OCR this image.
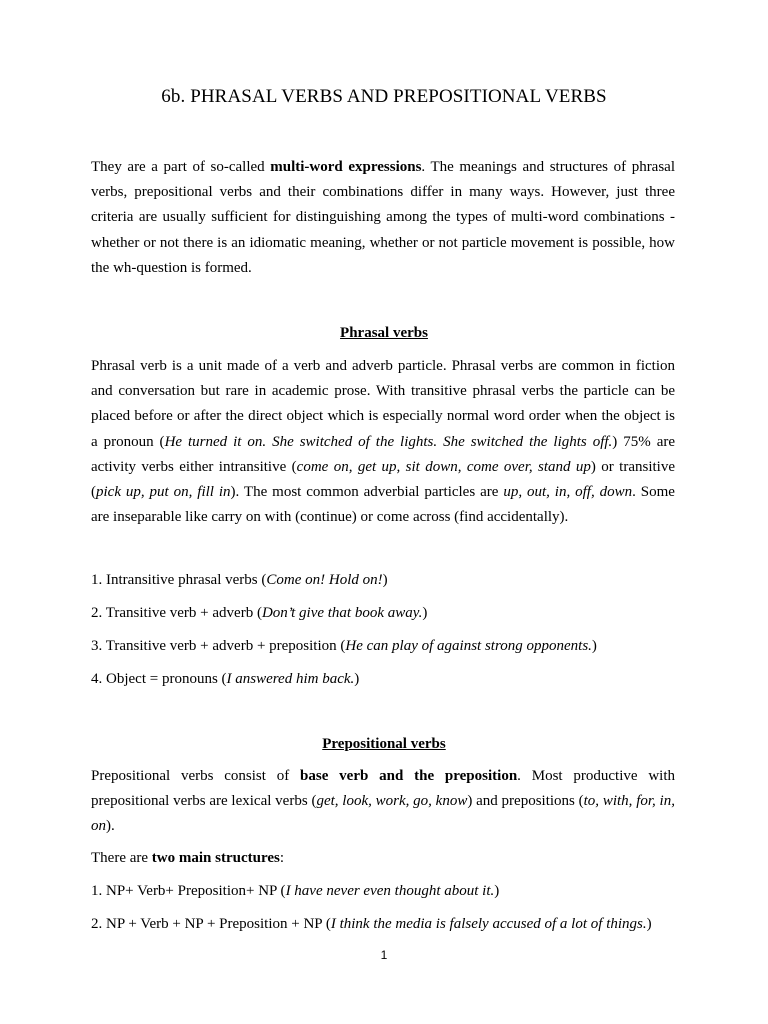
6b. PHRASAL VERBS AND PREPOSITIONAL VERBS

They are a part of so-called multi-word expressions. The meanings and structures of phrasal verbs, prepositional verbs and their combinations differ in many ways. However, just three criteria are usually sufficient for distinguishing among the types of multi-word combinations - whether or not there is an idiomatic meaning, whether or not particle movement is possible, how the wh-question is formed.

Phrasal verbs

Phrasal verb is a unit made of a verb and adverb particle. Phrasal verbs are common in fiction and conversation but rare in academic prose. With transitive phrasal verbs the particle can be placed before or after the direct object which is especially normal word order when the object is a pronoun (He turned it on. She switched of the lights. She switched the lights off.) 75% are activity verbs either intransitive (come on, get up, sit down, come over, stand up) or transitive (pick up, put on, fill in). The most common adverbial particles are up, out, in, off, down. Some are inseparable like carry on with (continue) or come across (find accidentally).

1. Intransitive phrasal verbs (Come on! Hold on!)

2. Transitive verb + adverb (Don’t give that book away.)

3. Transitive verb + adverb + preposition (He can play of against strong opponents.)

4. Object = pronouns (I answered him back.)

Prepositional verbs

Prepositional verbs consist of base verb and the preposition. Most productive with prepositional verbs are lexical verbs (get, look, work, go, know) and prepositions (to, with, for, in, on).

There are two main structures:

1. NP+ Verb+ Preposition+ NP (I have never even thought about it.)

2. NP + Verb + NP + Preposition + NP (I think the media is falsely accused of a lot of things.)

1
